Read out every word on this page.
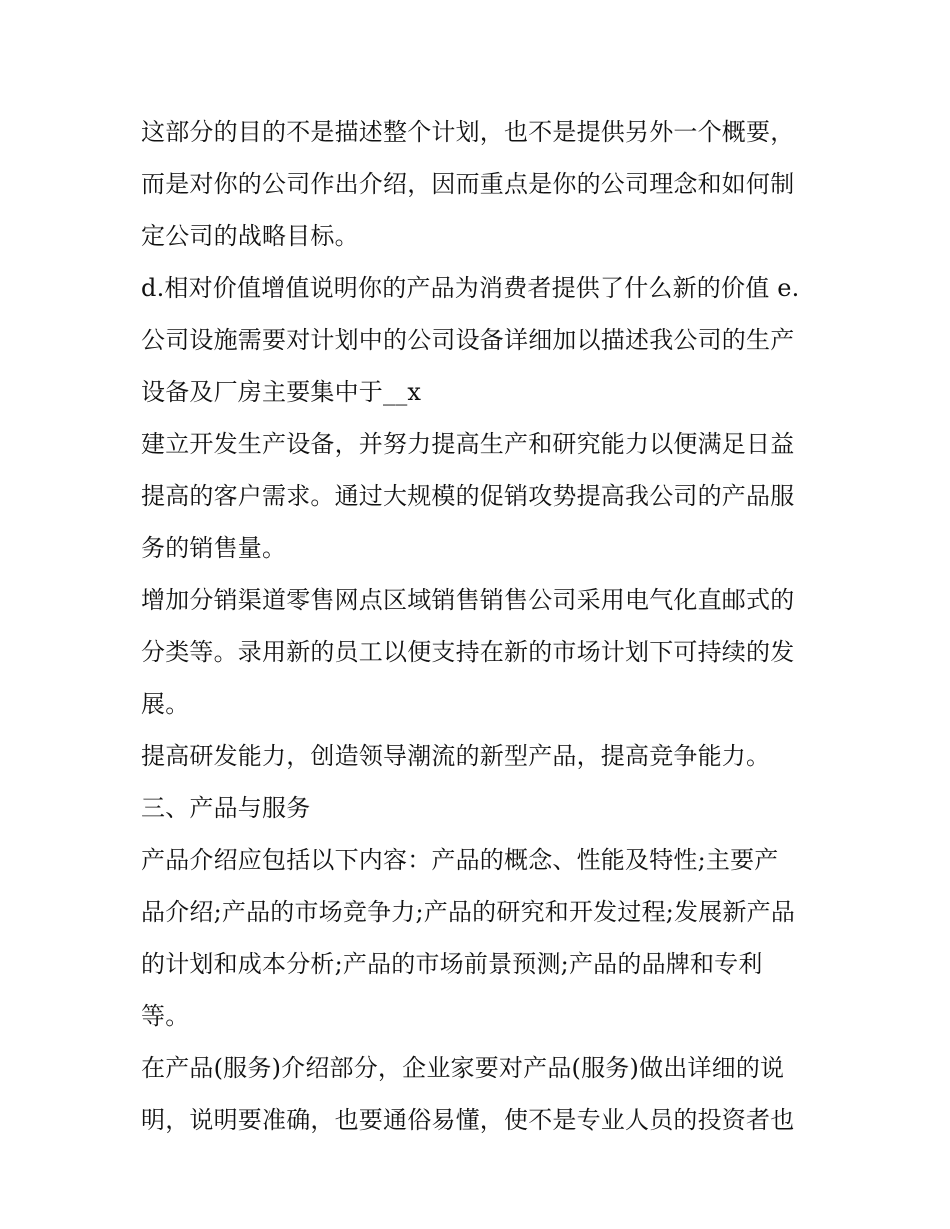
这部分的目的不是描述整个计划，也不是提供另外一个概要，
而是对你的公司作出介绍，因而重点是你的公司理念和如何制
定公司的战略目标。
d.相对价值增值说明你的产品为消费者提供了什么新的价值 e.
公司设施需要对计划中的公司设备详细加以描述我公司的生产
设备及厂房主要集中于__x
建立开发生产设备，并努力提高生产和研究能力以便满足日益
提高的客户需求。通过大规模的促销攻势提高我公司的产品服
务的销售量。
增加分销渠道零售网点区域销售销售公司采用电气化直邮式的
分类等。录用新的员工以便支持在新的市场计划下可持续的发
展。
提高研发能力，创造领导潮流的新型产品，提高竞争能力。
三、产品与服务
产品介绍应包括以下内容：产品的概念、性能及特性;主要产
品介绍;产品的市场竞争力;产品的研究和开发过程;发展新产品
的计划和成本分析;产品的市场前景预测;产品的品牌和专利
等。
在产品(服务)介绍部分，企业家要对产品(服务)做出详细的说
明，说明要准确，也要通俗易懂，使不是专业人员的投资者也
